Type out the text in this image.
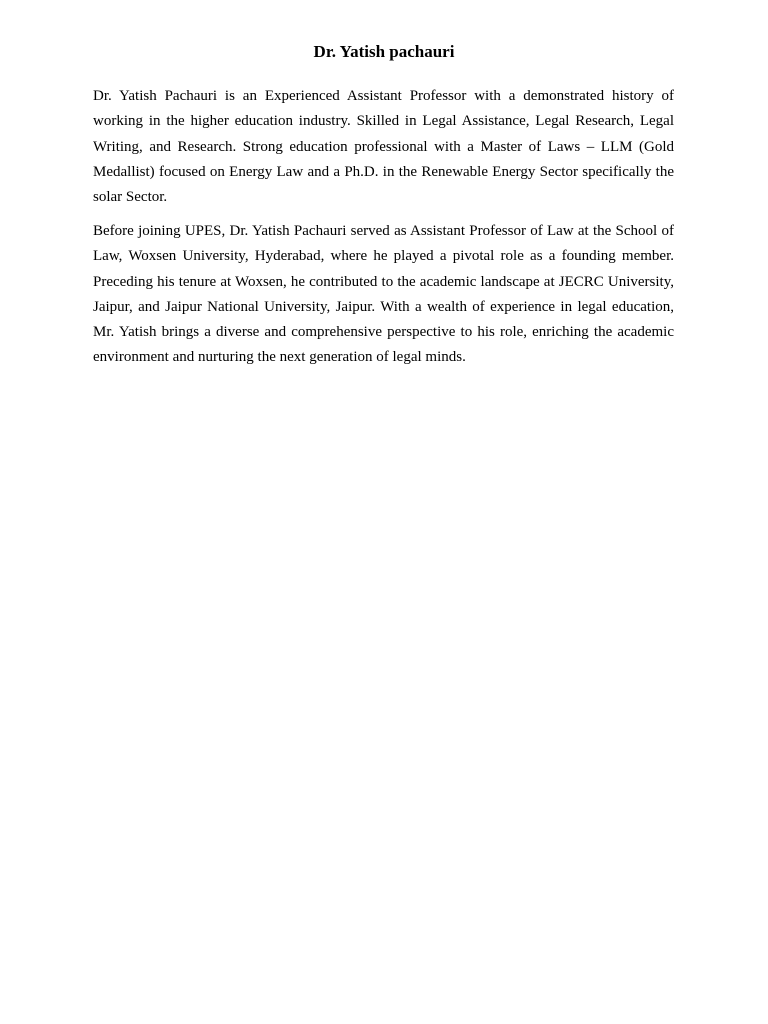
Dr. Yatish pachauri

Dr. Yatish Pachauri is an Experienced Assistant Professor with a demonstrated history of working in the higher education industry. Skilled in Legal Assistance, Legal Research, Legal Writing, and Research. Strong education professional with a Master of Laws – LLM (Gold Medallist) focused on Energy Law and a Ph.D. in the Renewable Energy Sector specifically the solar Sector.

Before joining UPES, Dr. Yatish Pachauri served as Assistant Professor of Law at the School of Law, Woxsen University, Hyderabad, where he played a pivotal role as a founding member. Preceding his tenure at Woxsen, he contributed to the academic landscape at JECRC University, Jaipur, and Jaipur National University, Jaipur. With a wealth of experience in legal education, Mr. Yatish brings a diverse and comprehensive perspective to his role, enriching the academic environment and nurturing the next generation of legal minds.
